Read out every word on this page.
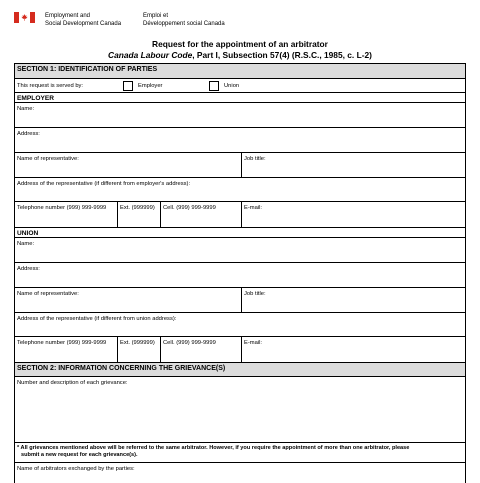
Employment and
Social Development Canada
Emploi et
Développement social Canada
Request for the appointment of an arbitrator
Canada Labour Code, Part I, Subsection 57(4) (R.S.C., 1985, c. L-2)
SECTION 1: IDENTIFICATION OF PARTIES
This request is served by:	Employer	Union
EMPLOYER
Name:
Address:
Name of representative:	Job title:
Address of the representative (if different from employer's address):
Telephone number (999) 999-9999	Ext. (999999)	Cell. (999) 999-9999	E-mail:
UNION
Name:
Address:
Name of representative:	Job title:
Address of the representative (if different from union address):
Telephone number (999) 999-9999	Ext. (999999)	Cell. (999) 999-9999	E-mail:
SECTION 2: INFORMATION CONCERNING THE GRIEVANCE(S)
Number and description of each grievance:
* All grievances mentioned above will be referred to the same arbitrator. However, if you require the appointment of more than one arbitrator, please
submit a new request for each grievance(s).
Name of arbitrators exchanged by the parties:
